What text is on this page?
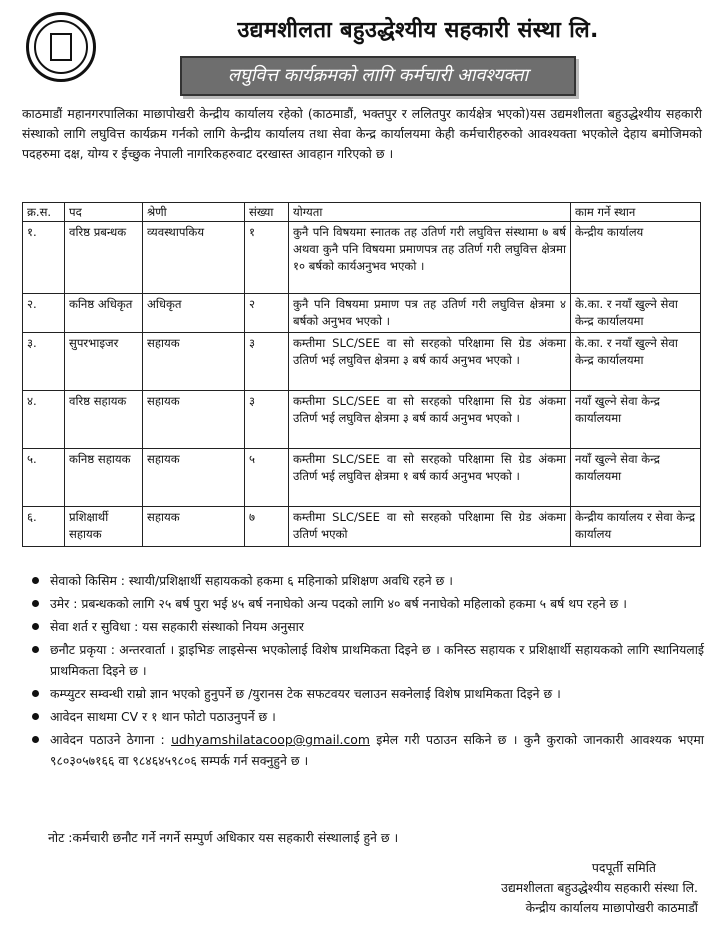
उद्यमशीलता बहुउद्धेश्यीय सहकारी संस्था लि.
लघुवित्त कार्यक्रमको लागि कर्मचारी आवश्यक्ता
काठमाडौं महानगरपालिका माछापोखरी केन्द्रीय कार्यालय रहेको (काठमाडौं, भक्तपुर र ललितपुर कार्यक्षेत्र भएको)यस उद्यमशीलता बहुउद्धेश्यीय सहकारी संस्थाको लागि लघुवित्त कार्यक्रम गर्नको लागि केन्द्रीय कार्यालय तथा सेवा केन्द्र कार्यालयमा केही कर्मचारीहरुको आवश्यक्ता भएकोले देहाय बमोजिमको पदहरुमा दक्ष, योग्य र ईच्छुक नेपाली नागरिकहरुवाट दरखास्त आवहान गरिएको छ ।
क्र.स.	पद	श्रेणी	संख्या	योग्यता	काम गर्ने स्थान
१.	वरिष्ठ प्रबन्धक	व्यवस्थापकिय	१	कुनै पनि विषयमा स्नातक तह उतिर्ण गरी लघुवित्त संस्थामा ७ बर्ष अथवा कुनै पनि विषयमा प्रमाणपत्र तह उतिर्ण गरी लघुवित्त क्षेत्रमा १० बर्षको कार्यअनुभव भएको ।	केन्द्रीय कार्यालय
२.	कनिष्ठ अधिकृत	अधिकृत	२	कुनै पनि विषयमा प्रमाण पत्र तह उतिर्ण गरी लघुवित्त क्षेत्रमा ४ बर्षको अनुभव भएको ।	के.का. र नयाँ खुल्ने सेवा केन्द्र कार्यालयमा
३.	सुपरभाइजर	सहायक	३	कम्तीमा SLC/SEE वा सो सरहको परिक्षामा सि ग्रेड अंकमा उतिर्ण भई लघुवित्त क्षेत्रमा ३ बर्ष कार्य अनुभव भएको ।	के.का. र नयाँ खुल्ने सेवा केन्द्र कार्यालयमा
४.	वरिष्ठ सहायक	सहायक	३	कम्तीमा SLC/SEE वा सो सरहको परिक्षामा सि ग्रेड अंकमा उतिर्ण भई लघुवित्त क्षेत्रमा ३ बर्ष कार्य अनुभव भएको ।	नयाँ खुल्ने सेवा केन्द्र कार्यालयमा
५.	कनिष्ठ सहायक	सहायक	५	कम्तीमा SLC/SEE वा सो सरहको परिक्षामा सि ग्रेड अंकमा उतिर्ण भई लघुवित्त क्षेत्रमा १ बर्ष कार्य अनुभव भएको ।	नयाँ खुल्ने सेवा केन्द्र कार्यालयमा
६.	प्रशिक्षार्थी सहायक	सहायक	७	कम्तीमा SLC/SEE वा सो सरहको परिक्षामा सि ग्रेड अंकमा उतिर्ण भएको	केन्द्रीय कार्यालय र सेवा केन्द्र कार्यालय
सेवाको किसिम : स्थायी/प्रशिक्षार्थी सहायकको हकमा ६ महिनाको प्रशिक्षण अवधि रहने छ ।
उमेर : प्रबन्धकको लागि २५ बर्ष पुरा भई ४५ बर्ष ननाघेको अन्य पदको लागि ४० बर्ष ननाघेको महिलाको हकमा ५ बर्ष थप रहने छ ।
सेवा शर्त र सुविधा : यस सहकारी संस्थाको नियम अनुसार
छनौट प्रकृया : अन्तरवार्ता । ड्राइभिङ लाइसेन्स भएकोलाई विशेष प्राथमिकता दिइने छ । कनिस्ठ सहायक र प्रशिक्षार्थी सहायकको लागि स्थानियलाई प्राथमिकता दिइने छ ।
कम्प्युटर सम्वन्धी राम्रो ज्ञान भएको हुनुपर्ने छ /युरानस टेक सफटवयर चलाउन सक्नेलाई विशेष प्राथमिकता दिइने छ ।
आवेदन साथमा CV र १ थान फोटो पठाउनुपर्ने छ ।
आवेदन पठाउने ठेगाना : udhyamshilatacoop@gmail.com इमेल गरी पठाउन सकिने छ । कुनै कुराको जानकारी आवश्यक भएमा ९८०३०५७१६६ वा ९८४६४५९८०६ सम्पर्क गर्न सक्नुहुने छ ।
नोट :कर्मचारी छनौट गर्ने नगर्ने सम्पुर्ण अधिकार यस सहकारी संस्थालाई हुने छ ।
पदपूर्ती समिति
उद्यमशीलता बहुउद्धेश्यीय सहकारी संस्था लि.
केन्द्रीय कार्यालय माछापोखरी काठमाडौं
